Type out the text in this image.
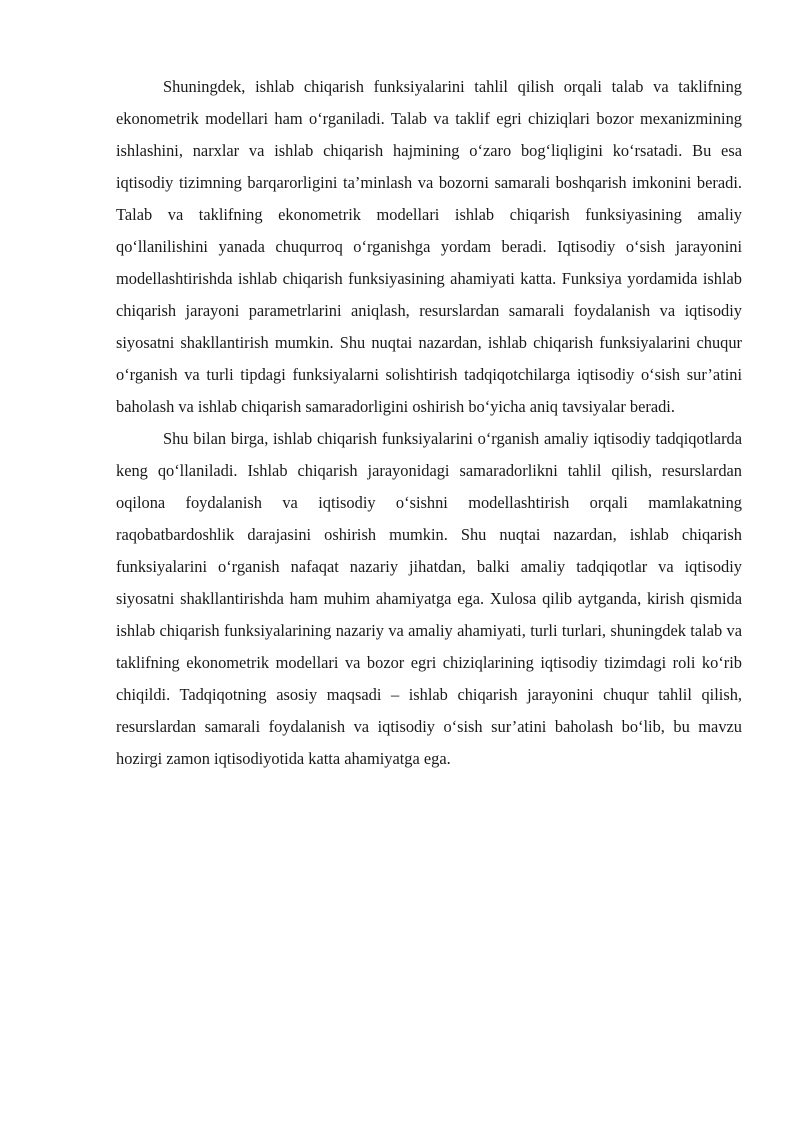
Shuningdek, ishlab chiqarish funksiyalarini tahlil qilish orqali talab va taklifning ekonometrik modellari ham o‘rganiladi. Talab va taklif egri chiziqlari bozor mexanizmining ishlashini, narxlar va ishlab chiqarish hajmining o‘zaro bog‘liqligini ko‘rsatadi. Bu esa iqtisodiy tizimning barqarorligini ta’minlash va bozorni samarali boshqarish imkonini beradi. Talab va taklifning ekonometrik modellari ishlab chiqarish funksiyasining amaliy qo‘llanilishini yanada chuqurroq o‘rganishga yordam beradi. Iqtisodiy o‘sish jarayonini modellashtirishda ishlab chiqarish funksiyasining ahamiyati katta. Funksiya yordamida ishlab chiqarish jarayoni parametrlarini aniqlash, resurslardan samarali foydalanish va iqtisodiy siyosatni shakllantirish mumkin. Shu nuqtai nazardan, ishlab chiqarish funksiyalarini chuqur o‘rganish va turli tipdagi funksiyalarni solishtirish tadqiqotchilarga iqtisodiy o‘sish sur’atini baholash va ishlab chiqarish samaradorligini oshirish bo‘yicha aniq tavsiyalar beradi.

Shu bilan birga, ishlab chiqarish funksiyalarini o‘rganish amaliy iqtisodiy tadqiqotlarda keng qo‘llaniladi. Ishlab chiqarish jarayonidagi samaradorlikni tahlil qilish, resurslardan oqilona foydalanish va iqtisodiy o‘sishni modellashtirish orqali mamlakatning raqobatbardoshlik darajasini oshirish mumkin. Shu nuqtai nazardan, ishlab chiqarish funksiyalarini o‘rganish nafaqat nazariy jihatdan, balki amaliy tadqiqotlar va iqtisodiy siyosatni shakllantirishda ham muhim ahamiyatga ega. Xulosa qilib aytganda, kirish qismida ishlab chiqarish funksiyalarining nazariy va amaliy ahamiyati, turli turlari, shuningdek talab va taklifning ekonometrik modellari va bozor egri chiziqlarining iqtisodiy tizimdagi roli ko‘rib chiqildi. Tadqiqotning asosiy maqsadi – ishlab chiqarish jarayonini chuqur tahlil qilish, resurslardan samarali foydalanish va iqtisodiy o‘sish sur’atini baholash bo‘lib, bu mavzu hozirgi zamon iqtisodiyotida katta ahamiyatga ega.
